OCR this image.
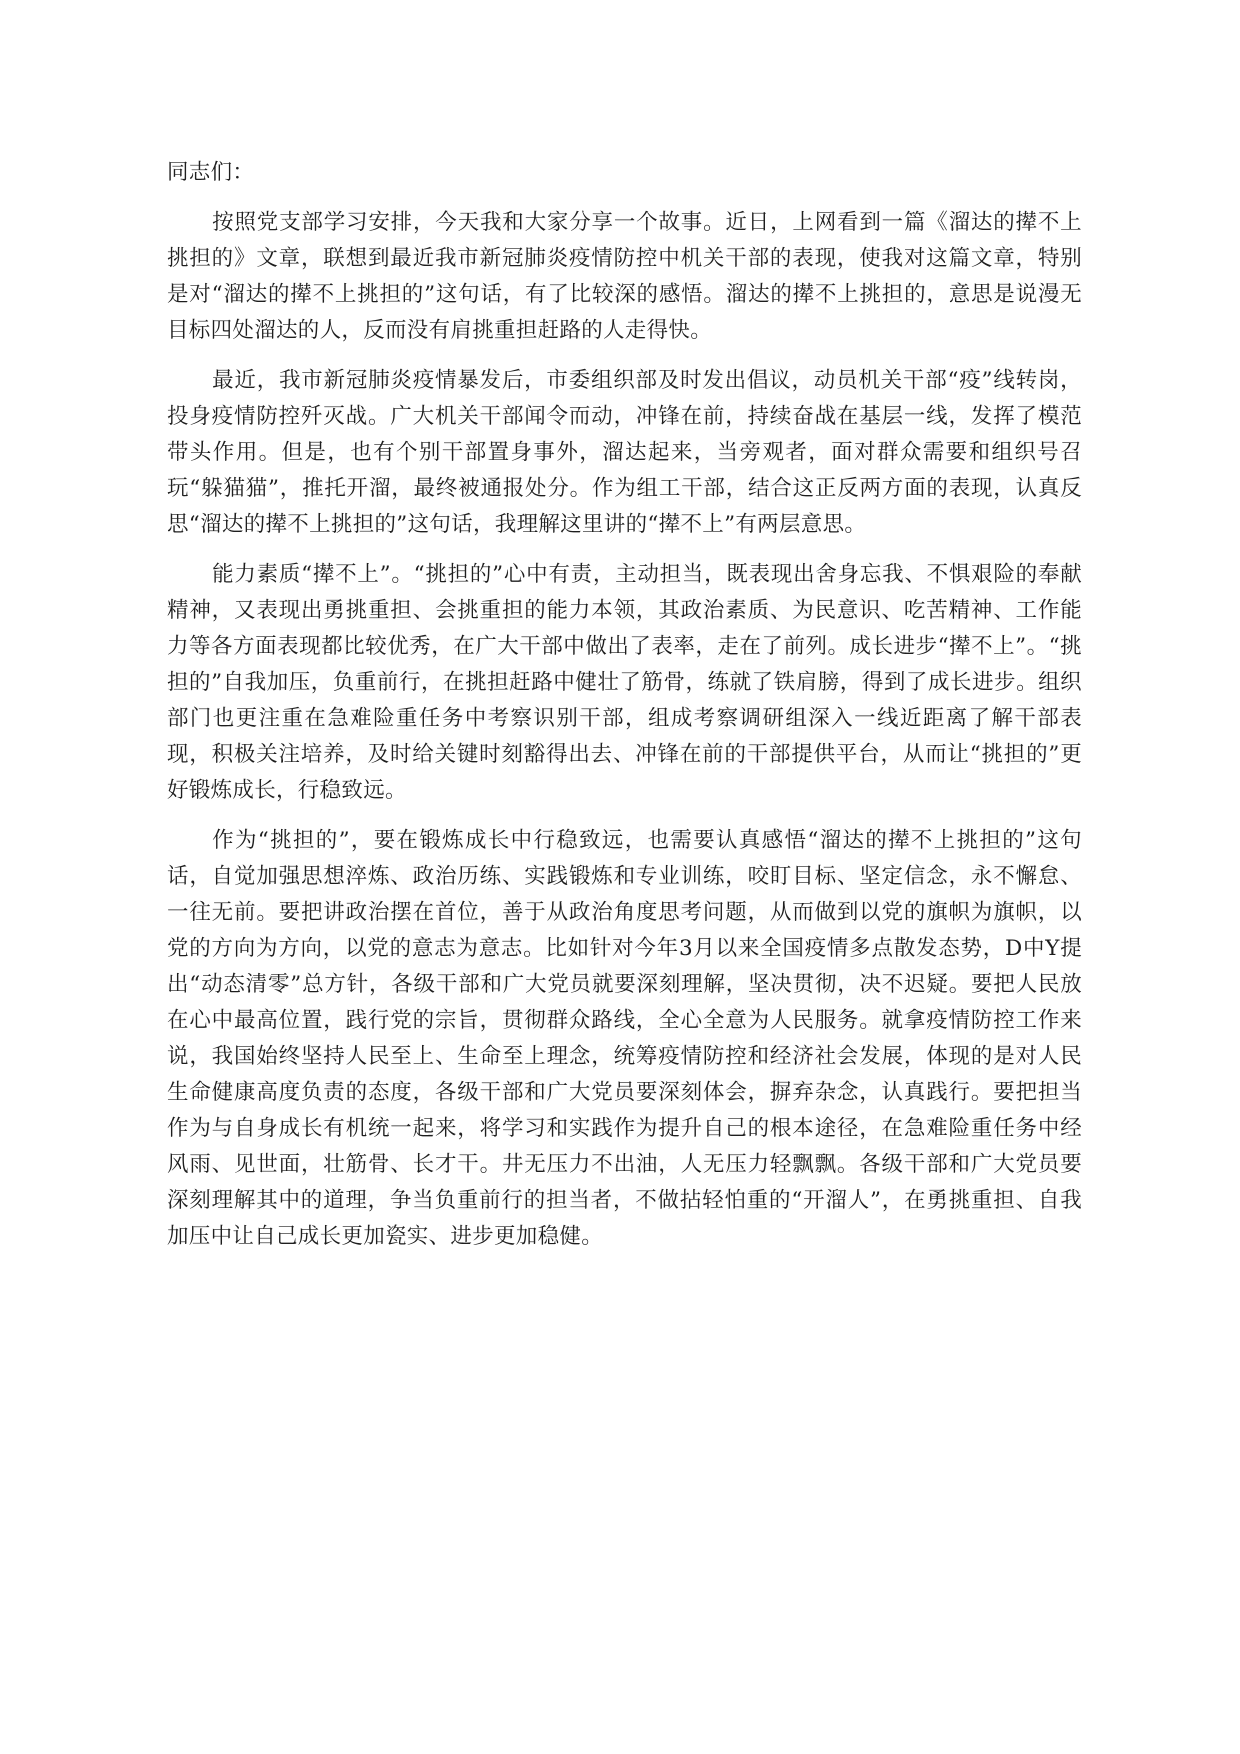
同志们：

按照党支部学习安排，今天我和大家分享一个故事。近日，上网看到一篇《溜达的撵不上挑担的》文章，联想到最近我市新冠肺炎疫情防控中机关干部的表现，使我对这篇文章，特别是对“溜达的撵不上挑担的”这句话，有了比较深的感悟。溜达的撵不上挑担的，意思是说漫无目标四处溜达的人，反而没有肩挑重担赶路的人走得快。

最近，我市新冠肺炎疫情暴发后，市委组织部及时发出倡议，动员机关干部“疫”线转岗，投身疫情防控歼灭战。广大机关干部闻令而动，冲锋在前，持续奋战在基层一线，发挥了模范带头作用。但是，也有个别干部置身事外，溜达起来，当旁观者，面对群众需要和组织号召玩“躲猫猫”，推托开溜，最终被通报处分。作为组工干部，结合这正反两方面的表现，认真反思“溜达的撵不上挑担的”这句话，我理解这里讲的“撵不上”有两层意思。

能力素质“撵不上”。“挑担的”心中有责，主动担当，既表现出舍身忘我、不惧艰险的奉献精神，又表现出勇挑重担、会挑重担的能力本领，其政治素质、为民意识、吃苦精神、工作能力等各方面表现都比较优秀，在广大干部中做出了表率，走在了前列。成长进步“撵不上”。“挑担的”自我加压，负重前行，在挑担赶路中健壮了筋骨，练就了铁肩膀，得到了成长进步。组织部门也更注重在急难险重任务中考察识别干部，组成考察调研组深入一线近距离了解干部表现，积极关注培养，及时给关键时刻豁得出去、冲锋在前的干部提供平台，从而让“挑担的”更好锻炼成长，行稳致远。

作为“挑担的”，要在锻炼成长中行稳致远，也需要认真感悟“溜达的撵不上挑担的”这句话，自觉加强思想淬炼、政治历练、实践锻炼和专业训练，咬盯目标、坚定信念，永不懈怠、一往无前。要把讲政治摆在首位，善于从政治角度思考问题，从而做到以党的旗帜为旗帜，以党的方向为方向，以党的意志为意志。比如针对今年3月以来全国疫情多点散发态势，D中Y提出“动态清零”总方针，各级干部和广大党员就要深刻理解，坚决贯彻，决不迟疑。要把人民放在心中最高位置，践行党的宗旨，贯彻群众路线，全心全意为人民服务。就拿疫情防控工作来说，我国始终坚持人民至上、生命至上理念，统筹疫情防控和经济社会发展，体现的是对人民生命健康高度负责的态度，各级干部和广大党员要深刻体会，摒弃杂念，认真践行。要把担当作为与自身成长有机统一起来，将学习和实践作为提升自己的根本途径，在急难险重任务中经风雨、见世面，壮筋骨、长才干。井无压力不出油，人无压力轻飘飘。各级干部和广大党员要深刻理解其中的道理，争当负重前行的担当者，不做拈轻怕重的“开溜人”，在勇挑重担、自我加压中让自己成长更加瓷实、进步更加稳健。
